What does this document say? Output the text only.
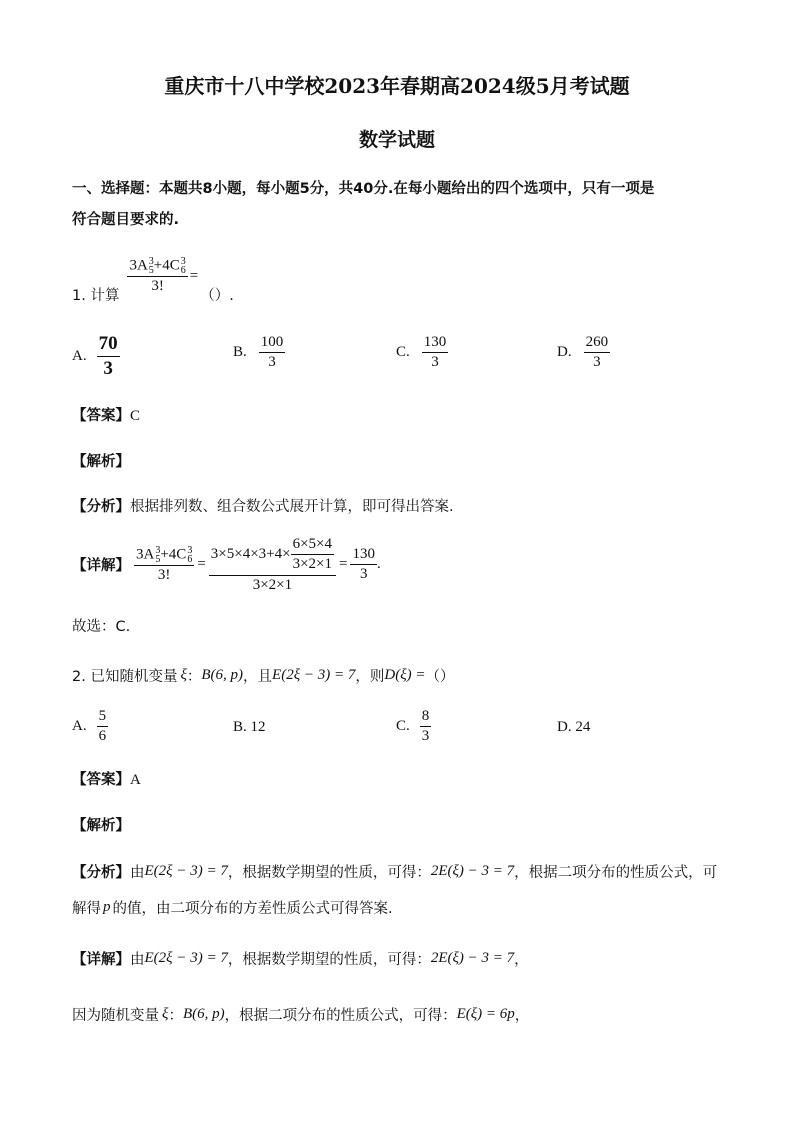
重庆市十八中学校2023年春期高2024级5月考试题
数学试题
一、选择题：本题共8小题，每小题5分，共40分.在每小题给出的四个选项中，只有一项是
符合题目要求的.
1. 计算
3A 3
5 +4C 3
6
3! =
（）.
A. $\frac{70}{3}$	B. $\frac{100}{3}$	C. $\frac{130}{3}$	D. $\frac{260}{3}$
【答案】C
【解析】
【分析】根据排列数、组合数公式展开计算，即可得出答案.
【详解】 3A 3
5 +4C 3
6
3! = $\frac{3\times 5\times 4\times 3+4\times \frac{6\times 5\times 4}{3\times 2\times 1}}{3\times 2\times 1} = \frac{130}{3}$ .
故选：C.
2. 已知随机变量 ξ ： B(6, p) ，且 E(2ξ − 3) = 7 ，则 D(ξ) = （）
A. $\frac{5}{6}$	B. 12	C. $\frac{8}{3}$	D. 24
【答案】A
【解析】
【分析】 由 E(2ξ − 3) = 7 ，根据数学期望的性质，可得： 2E(ξ) − 3 = 7 ，根据二项分布的性质公式，可
解得 p 的值，由二项分布的方差性质公式可得答案.
【详解】 由 E(2ξ − 3) = 7 ，根据数学期望的性质，可得： 2E(ξ) − 3 = 7 ，
因为随机变量 ξ ： B(6, p) ，根据二项分布的性质公式，可得： E(ξ) = 6p ，
